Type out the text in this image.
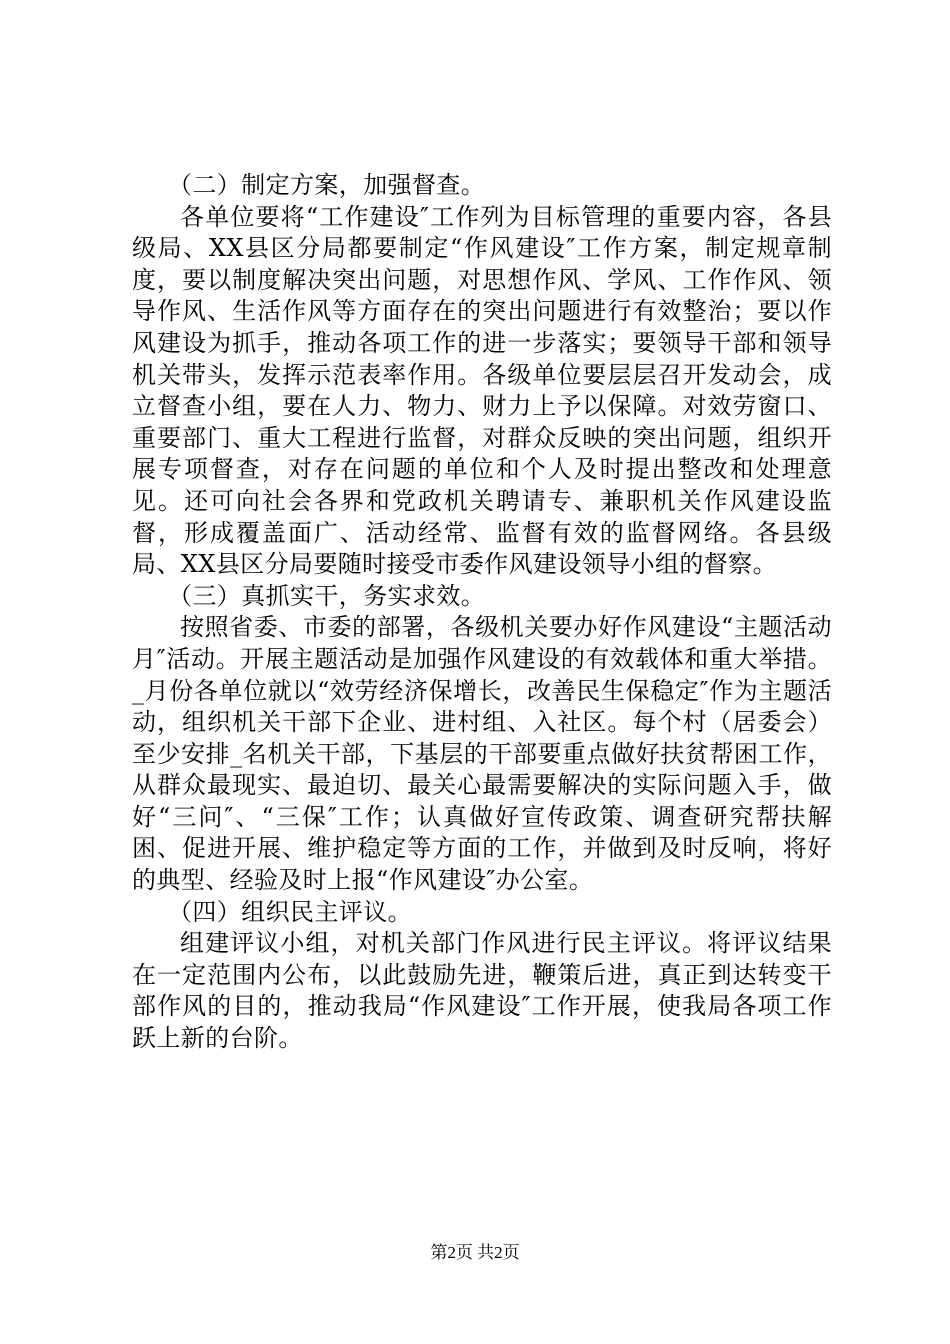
（二）制定方案，加强督查。

各单位要将“工作建设″工作列为目标管理的重要内容，各县级局、XX县区分局都要制定“作风建设″工作方案，制定规章制度，要以制度解决突出问题，对思想作风、学风、工作作风、领导作风、生活作风等方面存在的突出问题进行有效整治；要以作风建设为抓手，推动各项工作的进一步落实；要领导干部和领导机关带头，发挥示范表率作用。各级单位要层层召开发动会，成立督查小组，要在人力、物力、财力上予以保障。对效劳窗口、重要部门、重大工程进行监督，对群众反映的突出问题，组织开展专项督查，对存在问题的单位和个人及时提出整改和处理意见。还可向社会各界和党政机关聘请专、兼职机关作风建设监督，形成覆盖面广、活动经常、监督有效的监督网络。各县级局、XX县区分局要随时接受市委作风建设领导小组的督察。

（三）真抓实干，务实求效。

按照省委、市委的部署，各级机关要办好作风建设“主题活动月″活动。开展主题活动是加强作风建设的有效载体和重大举措。_月份各单位就以“效劳经济保增长，改善民生保稳定″作为主题活动，组织机关干部下企业、进村组、入社区。每个村（居委会）至少安排_名机关干部，下基层的干部要重点做好扶贫帮困工作，从群众最现实、最迫切、最关心最需要解决的实际问题入手，做好“三问″、“三保″工作；认真做好宣传政策、调查研究帮扶解困、促进开展、维护稳定等方面的工作，并做到及时反响，将好的典型、经验及时上报“作风建设″办公室。

（四）组织民主评议。

组建评议小组，对机关部门作风进行民主评议。将评议结果在一定范围内公布，以此鼓励先进，鞭策后进，真正到达转变干部作风的目的，推动我局“作风建设″工作开展，使我局各项工作跃上新的台阶。

第2页 共2页
